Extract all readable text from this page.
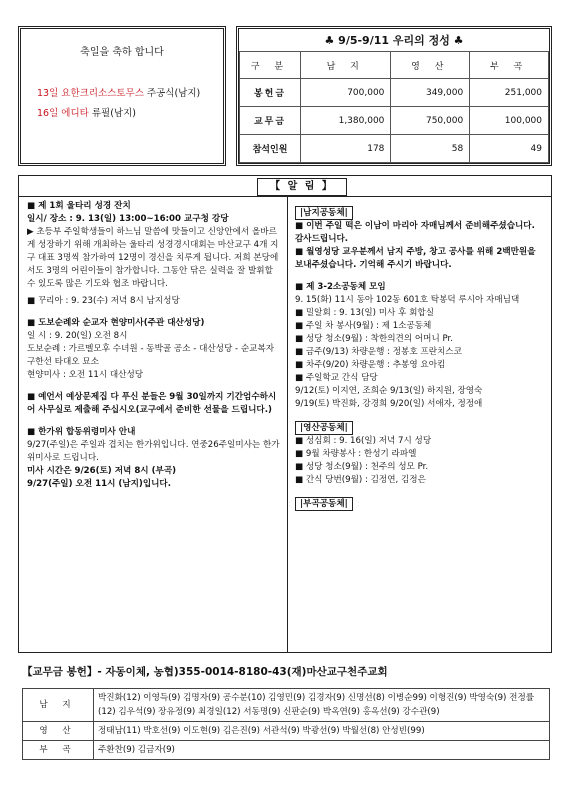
축일을 축하 합니다
13일 요한크리소스토무스 주공식(남지)
16일 에디타 류필(남지)
♣ 9/5-9/11 우리의 정성 ♣			
구 분	남 지	영 산	부 곡
봉헌금	700,000	349,000	251,000
교무금	1,380,000	750,000	100,000
참석인원	178	58	49
【 알 림 】

■ 제 1회 울타리 성경 잔치

일시/ 장소 : 9. 13(일) 13:00~16:00 교구청 강당

▶ 초등부 주일학생들이 하느님 말씀에 맛들이고 신앙안에서 올바르게 성장하기 위해 개최하는 울타리 성경경시대회는 마산교구 4개 지구 대표 3명씩 참가하여 12명이 경신을 치루게 됩니다. 저희 본당에서도 3명의 어린이들이 참가합니다. 그동안 닦은 실력을 잘 발휘할 수 있도록 많은 기도와 협조 바랍니다.

■ 꾸리아 : 9. 23(수) 저녁 8시 남지성당

■ 도보순례와 순교자 현양미사(주관 대산성당)

일 시 : 9. 20(일) 오전 8시

도보순례 : 가르멜모후 수녀원 - 동박골 공소 - 대산성당 - 순교복자 구한선 타대오 묘소

현양미사 : 오전 11시 대산성당

■ 예언서 예상문제집 다 푸신 분들은 9월 30일까지 기간엄수하시어 사무실로 제출해 주십시오(교구에서 준비한 선물을 드립니다.)

■ 한가위 합동위령미사 안내

9/27(주일)은 주일과 겹치는 한가위입니다. 연중26주일미사는 한가위미사로 드립니다.

미사 시간은 9/26(토) 저녁 8시 (부곡)

9/27(주일) 오전 11시 (남지)입니다.

|남지공동체|

■ 이번 주일 떡은 이남이 마리아 자매님께서 준비해주셨습니다. 감사드립니다.

■ 월영성당 교우분께서 남지 주방, 창고 공사를 위해 2백만원을 보내주셨습니다. 기억해 주시기 바랍니다.

■ 제 3-2소공동체 모임

9. 15(화) 11시 동아 102동 601호 탁봉덕 루시아 자매님댁

■ 밀알회 : 9. 13(일) 미사 후 회합실

■ 주일 차 봉사(9월) : 제 1소공동체

■ 성당 청소(9월) : 착한의견의 어머니 Pr.

■ 금주(9/13) 차량운행 : 정봉호 프란치스코

■ 차주(9/20) 차량운행 : 추봉영 요아킴

■ 주일학교 간식 담당

9/12(토) 이지연, 조희순 9/13(일) 하지원, 장영숙

9/19(토) 박진화, 강경희 9/20(일) 서애자, 정정애

|영산공동체|

■ 성심회 : 9. 16(일) 저녁 7시 성당

■ 9월 차량봉사 : 한성기 라파엘

■ 성당 청소(9월) : 천주의 성모 Pr.

■ 간식 당번(9월) : 김정연, 김정은

|부곡공동체|
【교무금 봉헌】- 자동이체, 농협)355-0014-8180-43(재)마산교구천주교회
남 지	박진화(12) 이영득(9) 김명자(9) 공수분(10) 김영민(9) 김경자(9) 신명선(8) 이병순99) 이형진(9) 박영숙(9) 전정률(12) 김우석(9) 장유정(9) 최경일(12) 서동명(9) 신판순(9) 박옥연(9) 홍옥선(9) 강수관(9)
영 산	정태남(11) 박호선(9) 이도현(9) 김은진(9) 서관석(9) 박광선(9) 박월선(8) 안성빈(99)
부 곡	주환찬(9) 김금자(9)
